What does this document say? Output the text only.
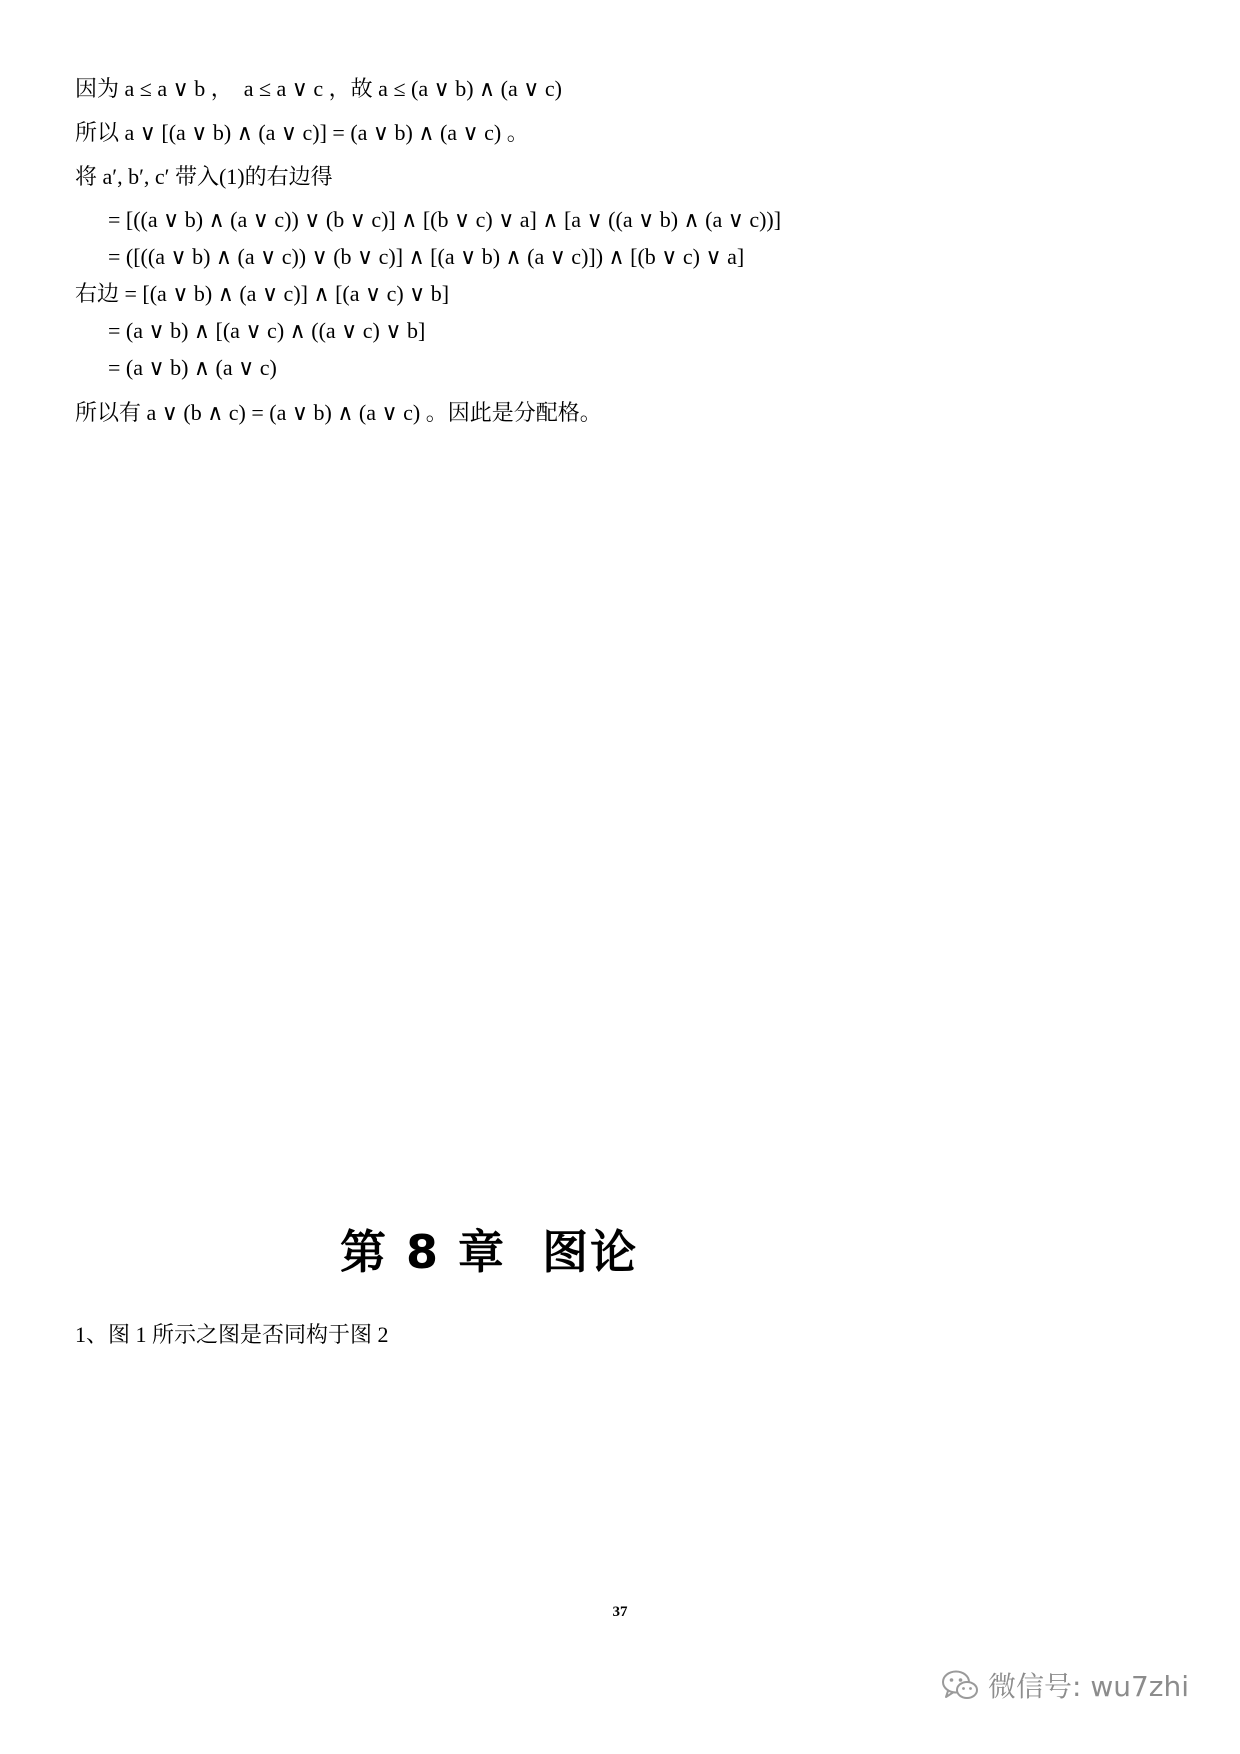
因为 a ≤ a ∨ b ，  a ≤ a ∨ c ，故 a ≤ (a ∨ b) ∧ (a ∨ c)
所以 a ∨ [(a ∨ b) ∧ (a ∨ c)] = (a ∨ b) ∧ (a ∨ c) 。
将 a′, b′, c′ 带入(1)的右边得
= [((a ∨ b) ∧ (a ∨ c)) ∨ (b ∨ c)] ∧ [(b ∨ c) ∨ a] ∧ [a ∨ ((a ∨ b) ∧ (a ∨ c))]
= ([((a ∨ b) ∧ (a ∨ c)) ∨ (b ∨ c)] ∧ [(a ∨ b) ∧ (a ∨ c)]) ∧ [(b ∨ c) ∨ a]
右边 = [(a ∨ b) ∧ (a ∨ c)] ∧ [(a ∨ c) ∨ b]
= (a ∨ b) ∧ [(a ∨ c) ∧ ((a ∨ c) ∨ b]
= (a ∨ b) ∧ (a ∨ c)
所以有 a ∨ (b ∧ c) = (a ∨ b) ∧ (a ∨ c) 。因此是分配格。
第 8 章  图论
1、图 1 所示之图是否同构于图 2
37
微信号: wu7zhi
